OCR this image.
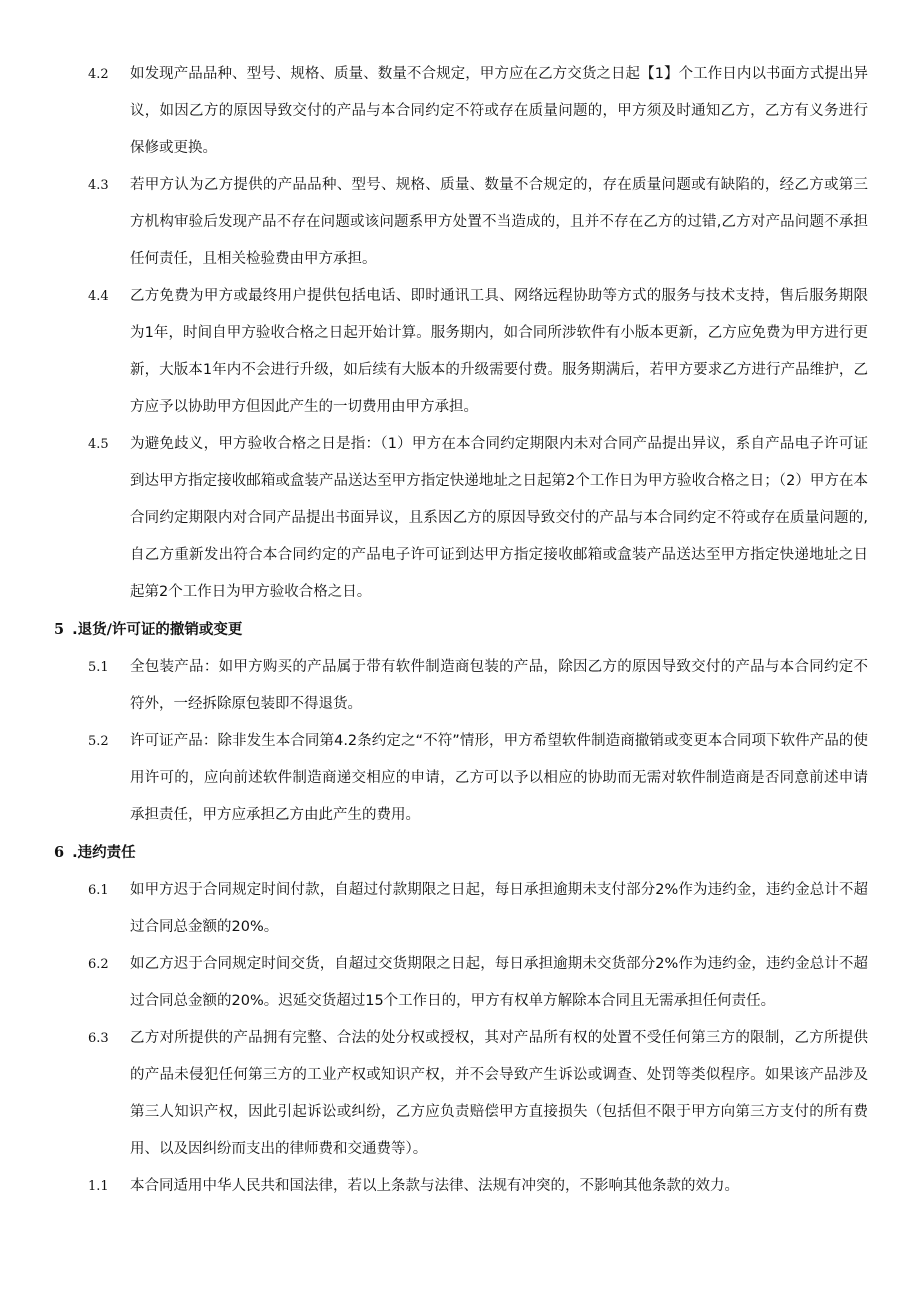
4.2 如发现产品品种、型号、规格、质量、数量不合规定，甲方应在乙方交货之日起【1】个工作日内以书面方式提出异议，如因乙方的原因导致交付的产品与本合同约定不符或存在质量问题的，甲方须及时通知乙方，乙方有义务进行保修或更换。
4.3 若甲方认为乙方提供的产品品种、型号、规格、质量、数量不合规定的，存在质量问题或有缺陷的，经乙方或第三方机构审验后发现产品不存在问题或该问题系甲方处置不当造成的，且并不存在乙方的过错,乙方对产品问题不承担任何责任，且相关检验费由甲方承担。
4.4 乙方免费为甲方或最终用户提供包括电话、即时通讯工具、网络远程协助等方式的服务与技术支持，售后服务期限为1年，时间自甲方验收合格之日起开始计算。服务期内，如合同所涉软件有小版本更新，乙方应免费为甲方进行更新，大版本1年内不会进行升级，如后续有大版本的升级需要付费。服务期满后，若甲方要求乙方进行产品维护，乙方应予以协助甲方但因此产生的一切费用由甲方承担。
4.5 为避免歧义，甲方验收合格之日是指：（1）甲方在本合同约定期限内未对合同产品提出异议，系自产品电子许可证到达甲方指定接收邮箱或盒装产品送达至甲方指定快递地址之日起第2个工作日为甲方验收合格之日；（2）甲方在本合同约定期限内对合同产品提出书面异议，且系因乙方的原因导致交付的产品与本合同约定不符或存在质量问题的,自乙方重新发出符合本合同约定的产品电子许可证到达甲方指定接收邮箱或盒装产品送达至甲方指定快递地址之日起第2个工作日为甲方验收合格之日。
5 .退货/许可证的撤销或变更
5.1 全包装产品：如甲方购买的产品属于带有软件制造商包装的产品，除因乙方的原因导致交付的产品与本合同约定不符外，一经拆除原包装即不得退货。
5.2 许可证产品：除非发生本合同第4.2条约定之“不符”情形，甲方希望软件制造商撤销或变更本合同项下软件产品的使用许可的，应向前述软件制造商递交相应的申请，乙方可以予以相应的协助而无需对软件制造商是否同意前述申请承担责任，甲方应承担乙方由此产生的费用。
6 .违约责任
6.1 如甲方迟于合同规定时间付款，自超过付款期限之日起，每日承担逾期未支付部分2%作为违约金，违约金总计不超过合同总金额的20%。
6.2 如乙方迟于合同规定时间交货，自超过交货期限之日起，每日承担逾期未交货部分2%作为违约金，违约金总计不超过合同总金额的20%。迟延交货超过15个工作日的，甲方有权单方解除本合同且无需承担任何责任。
6.3 乙方对所提供的产品拥有完整、合法的处分权或授权，其对产品所有权的处置不受任何第三方的限制，乙方所提供的产品未侵犯任何第三方的工业产权或知识产权，并不会导致产生诉讼或调查、处罚等类似程序。如果该产品涉及第三人知识产权，因此引起诉讼或纠纷，乙方应负责赔偿甲方直接损失（包括但不限于甲方向第三方支付的所有费用、以及因纠纷而支出的律师费和交通费等）。
1.1 本合同适用中华人民共和国法律，若以上条款与法律、法规有冲突的，不影响其他条款的效力。
